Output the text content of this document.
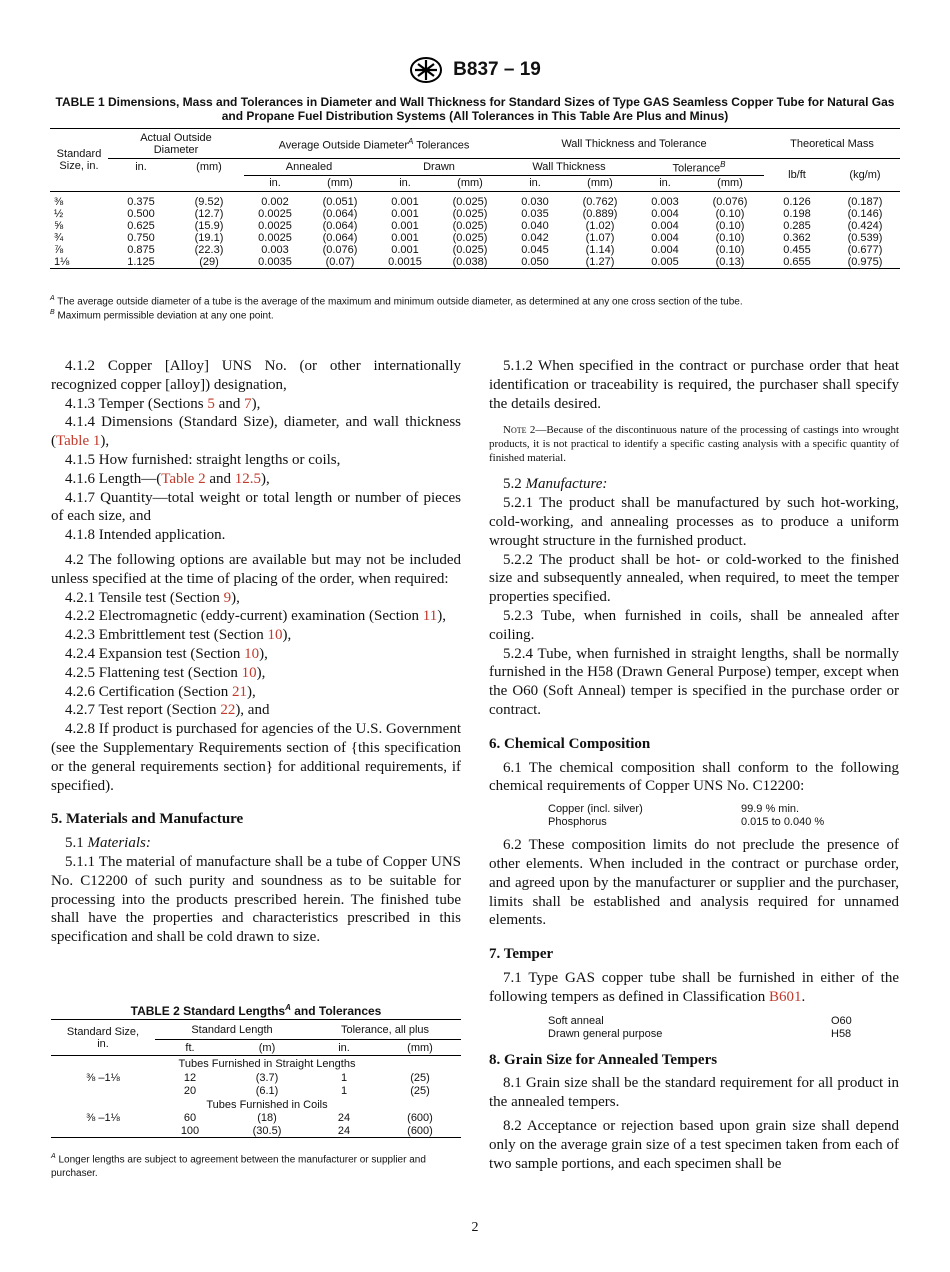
B837 – 19
TABLE 1 Dimensions, Mass and Tolerances in Diameter and Wall Thickness for Standard Sizes of Type GAS Seamless Copper Tube for Natural Gas and Propane Fuel Distribution Systems (All Tolerances in This Table Are Plus and Minus)
Standard Size, in.	Actual Outside Diameter		Average Outside Diameter$^A$ Tolerances				Wall Thickness and Tolerance				Theoretical Mass	
	in.	(mm)	Annealed		Drawn		Wall Thickness		Tolerance$^B$		lb/ft	(kg/m)
			in.	(mm)	in.	(mm)	in.	(mm)	in.	(mm)		
⅜	0.375	(9.52)	0.002	(0.051)	0.001	(0.025)	0.030	(0.762)	0.003	(0.076)	0.126	(0.187)
½	0.500	(12.7)	0.0025	(0.064)	0.001	(0.025)	0.035	(0.889)	0.004	(0.10)	0.198	(0.146)
⅝	0.625	(15.9)	0.0025	(0.064)	0.001	(0.025)	0.040	(1.02)	0.004	(0.10)	0.285	(0.424)
¾	0.750	(19.1)	0.0025	(0.064)	0.001	(0.025)	0.042	(1.07)	0.004	(0.10)	0.362	(0.539)
⅞	0.875	(22.3)	0.003	(0.076)	0.001	(0.025)	0.045	(1.14)	0.004	(0.10)	0.455	(0.677)
1⅛	1.125	(29)	0.0035	(0.07)	0.0015	(0.038)	0.050	(1.27)	0.005	(0.13)	0.655	(0.975)
$^A$ The average outside diameter of a tube is the average of the maximum and minimum outside diameter, as determined at any one cross section of the tube.
$^B$ Maximum permissible deviation at any one point.

4.1.2 Copper [Alloy] UNS No. (or other internationally recognized copper [alloy]) designation,

4.1.3 Temper (Sections 5 and 7),

4.1.4 Dimensions (Standard Size), diameter, and wall thickness (Table 1),

4.1.5 How furnished: straight lengths or coils,

4.1.6 Length—(Table 2 and 12.5),

4.1.7 Quantity—total weight or total length or number of pieces of each size, and

4.1.8 Intended application.

4.2 The following options are available but may not be included unless specified at the time of placing of the order, when required:

4.2.1 Tensile test (Section 9),

4.2.2 Electromagnetic (eddy-current) examination (Section 11),

4.2.3 Embrittlement test (Section 10),

4.2.4 Expansion test (Section 10),

4.2.5 Flattening test (Section 10),

4.2.6 Certification (Section 21),

4.2.7 Test report (Section 22), and

4.2.8 If product is purchased for agencies of the U.S. Government (see the Supplementary Requirements section of {this specification or the general requirements section} for additional requirements, if specified).

5. Materials and Manufacture

5.1 Materials:

5.1.1 The material of manufacture shall be a tube of Copper UNS No. C12200 of such purity and soundness as to be suitable for processing into the products prescribed herein. The finished tube shall have the properties and characteristics prescribed in this specification and shall be cold drawn to size.

TABLE 2 Standard Lengths$^A$ and Tolerances
Standard Size, in.	Standard Length		Tolerance, all plus	
	ft.	(m)	in.	(mm)
	Tubes Furnished in Straight Lengths			
⅜ –1⅛	12	(3.7)	1	(25)
	20	(6.1)	1	(25)
	Tubes Furnished in Coils			
⅜ –1⅛	60	(18)	24	(600)
	100	(30.5)	24	(600)
$^A$ Longer lengths are subject to agreement between the manufacturer or supplier and purchaser.

5.1.2 When specified in the contract or purchase order that heat identification or traceability is required, the purchaser shall specify the details desired.

Note 2—Because of the discontinuous nature of the processing of castings into wrought products, it is not practical to identify a specific casting analysis with a specific quantity of finished material.

5.2 Manufacture:

5.2.1 The product shall be manufactured by such hot-working, cold-working, and annealing processes as to produce a uniform wrought structure in the furnished product.

5.2.2 The product shall be hot- or cold-worked to the finished size and subsequently annealed, when required, to meet the temper properties specified.

5.2.3 Tube, when furnished in coils, shall be annealed after coiling.

5.2.4 Tube, when furnished in straight lengths, shall be normally furnished in the H58 (Drawn General Purpose) temper, except when the O60 (Soft Anneal) temper is specified in the purchase order or contract.

6. Chemical Composition

6.1 The chemical composition shall conform to the following chemical requirements of Copper UNS No. C12200:

Copper (incl. silver)	99.9 % min.
Phosphorus	0.015 to 0.040 %

6.2 These composition limits do not preclude the presence of other elements. When included in the contract or purchase order, and agreed upon by the manufacturer or supplier and the purchaser, limits shall be established and analysis required for unnamed elements.

7. Temper

7.1 Type GAS copper tube shall be furnished in either of the following tempers as defined in Classification B601.

Soft anneal	O60
Drawn general purpose	H58
8. Grain Size for Annealed Tempers

8.1 Grain size shall be the standard requirement for all product in the annealed tempers.

8.2 Acceptance or rejection based upon grain size shall depend only on the average grain size of a test specimen taken from each of two sample portions, and each specimen shall be

2
